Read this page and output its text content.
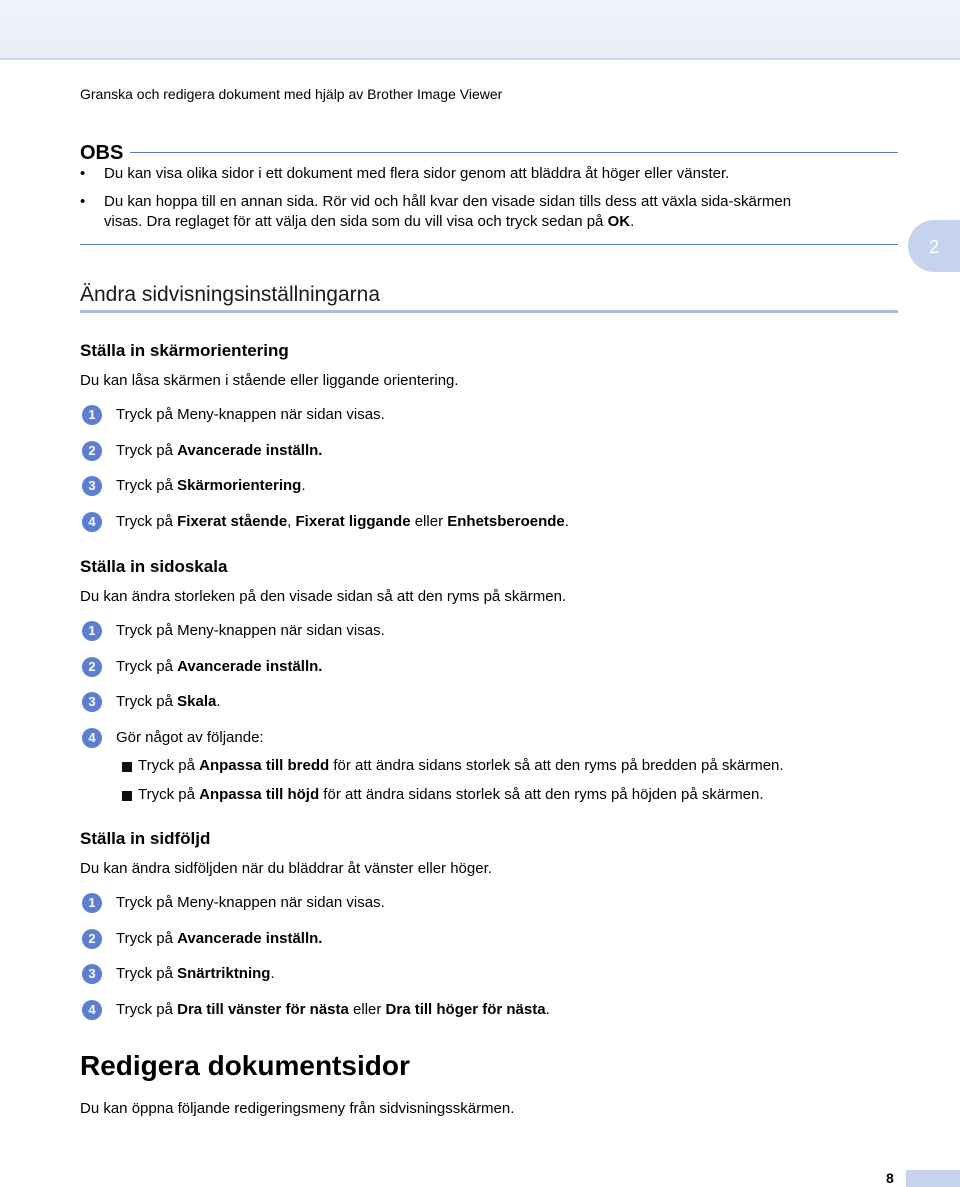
Granska och redigera dokument med hjälp av Brother Image Viewer
OBS
• Du kan visa olika sidor i ett dokument med flera sidor genom att bläddra åt höger eller vänster.
• Du kan hoppa till en annan sida. Rör vid och håll kvar den visade sidan tills dess att växla sida-skärmen
visas. Dra reglaget för att välja den sida som du vill visa och tryck sedan på OK.
2
Ändra sidvisningsinställningarna
Ställa in skärmorientering
Du kan låsa skärmen i stående eller liggande orientering.
1	Tryck på Meny-knappen när sidan visas.
2	Tryck på Avancerade inställn.
3	Tryck på Skärmorientering.
4	Tryck på Fixerat stående, Fixerat liggande eller Enhetsberoende.
Ställa in sidoskala
Du kan ändra storleken på den visade sidan så att den ryms på skärmen.
1	Tryck på Meny-knappen när sidan visas.
2	Tryck på Avancerade inställn.
3	Tryck på Skala.
4	Gör något av följande:
Tryck på Anpassa till bredd för att ändra sidans storlek så att den ryms på bredden på skärmen.
Tryck på Anpassa till höjd för att ändra sidans storlek så att den ryms på höjden på skärmen.
Ställa in sidföljd
Du kan ändra sidföljden när du bläddrar åt vänster eller höger.
1	Tryck på Meny-knappen när sidan visas.
2	Tryck på Avancerade inställn.
3	Tryck på Snärtriktning.
4	Tryck på Dra till vänster för nästa eller Dra till höger för nästa.
Redigera dokumentsidor
Du kan öppna följande redigeringsmeny från sidvisningsskärmen.
8
